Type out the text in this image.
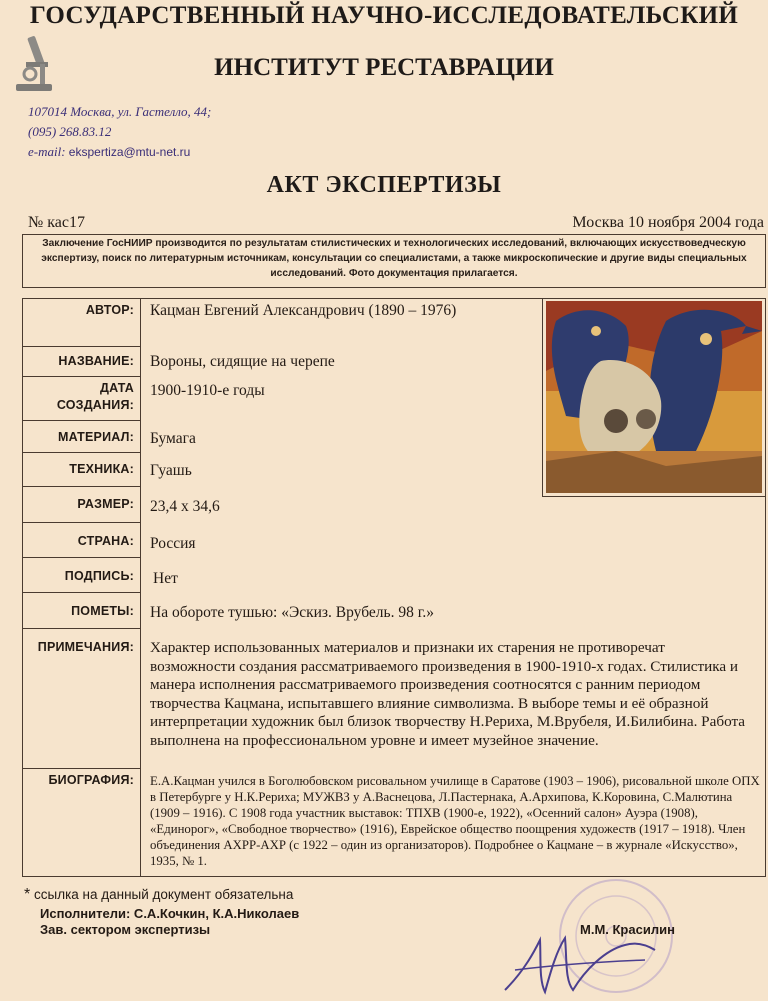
ГОСУДАРСТВЕННЫЙ НАУЧНО-ИССЛЕДОВАТЕЛЬСКИЙ
ИНСТИТУТ РЕСТАВРАЦИИ
107014 Москва, ул. Гастелло, 44;
(095) 268.83.12
e-mail: ekspertiza@mtu-net.ru
АКТ ЭКСПЕРТИЗЫ
№ кас17	Москва 10 ноября 2004 года
Заключение ГосНИИР производится по результатам стилистических и технологических исследований, включающих искусствоведческую экспертизу, поиск по литературным источникам, консультации со специалистами, а также микроскопические и другие виды специальных исследований. Фото документация прилагается.
АВТОР:	Кацман Евгений Александрович (1890 – 1976)
НАЗВАНИЕ:	Вороны, сидящие на черепе
ДАТА
СОЗДАНИЯ:
1900-1910-е годы
МАТЕРИАЛ:	Бумага
ТЕХНИКА:	Гуашь
РАЗМЕР:	23,4 х 34,6
СТРАНА:	Россия
ПОДПИСЬ:	Нет
ПОМЕТЫ:	На обороте тушью: «Эскиз. Врубель. 98 г.»
ПРИМЕЧАНИЯ:	Характер использованных материалов и признаки их старения не противоречат возможности создания рассматриваемого произведения в 1900-1910-х годах. Стилистика и манера исполнения рассматриваемого произведения соотносятся с ранним периодом творчества Кацмана, испытавшего влияние символизма. В выборе темы и её образной интерпретации художник был близок творчеству Н.Рериха, М.Врубеля, И.Билибина. Работа выполнена на профессиональном уровне и имеет музейное значение.
БИОГРАФИЯ:	Е.А.Кацман учился в Боголюбовском рисовальном училище в Саратове (1903 – 1906), рисовальной школе ОПХ в Петербурге у Н.К.Рериха; МУЖВЗ у А.Васнецова, Л.Пастернака, А.Архипова, К.Коровина, С.Малютина (1909 – 1916). С 1908 года участник выставок: ТПХВ (1900-е, 1922), «Осенний салон» Ауэра (1908), «Единорог», «Свободное творчество» (1916), Еврейское общество поощрения художеств (1917 – 1918). Член объединения АХРР-АХР (с 1922 – один из организаторов). Подробнее о Кацмане – в журнале «Искусство», 1935, № 1.
* ссылка на данный документ обязательна
Исполнители: С.А.Кочкин, К.А.Николаев
Зав. сектором экспертизы	М.М. Красилин
